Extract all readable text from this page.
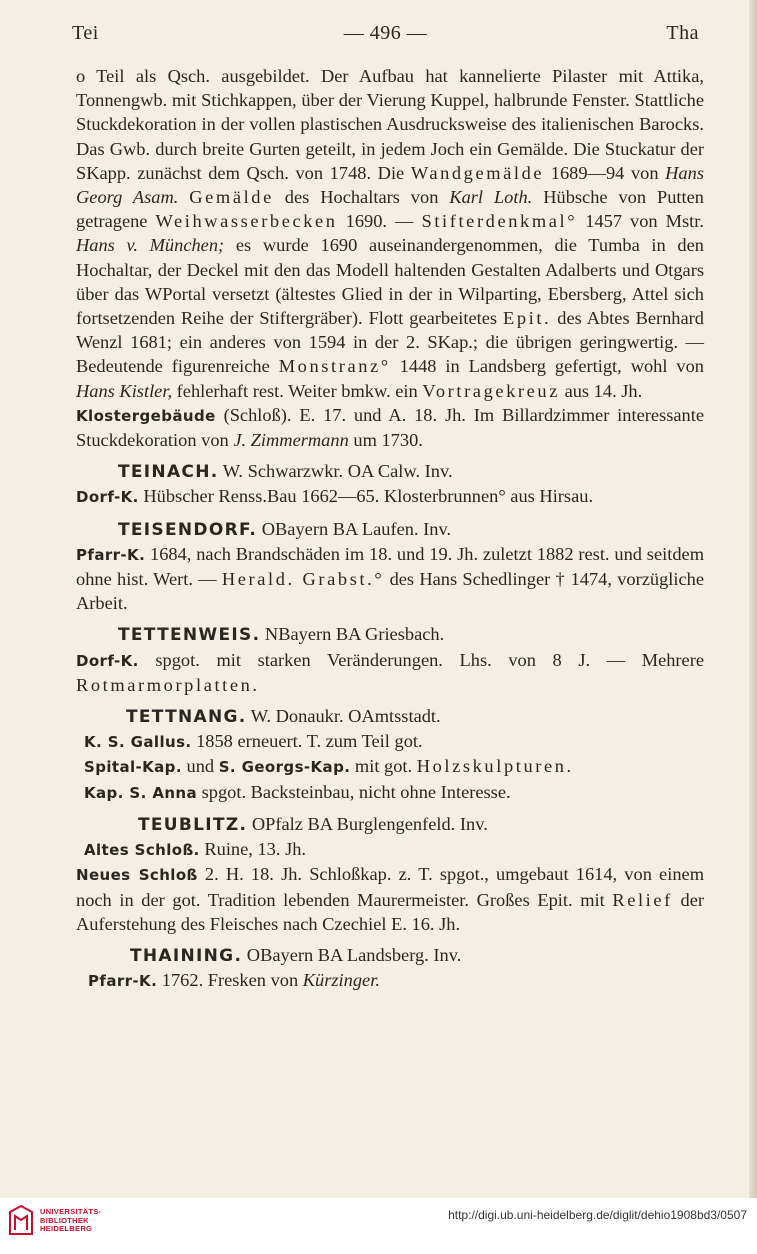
Tei	— 496 —	Tha

o Teil als Qsch. ausgebildet. Der Aufbau hat kannelierte Pilaster mit Attika, Tonnengwb. mit Stichkappen, über der Vierung Kuppel, halbrunde Fenster. Stattliche Stuckdekoration in der vollen plastischen Ausdrucksweise des italienischen Barocks. Das Gwb. durch breite Gurten geteilt, in jedem Joch ein Gemälde. Die Stuckatur der SKapp. zunächst dem Qsch. von 1748. Die Wandgemälde 1689—94 von Hans Georg Asam. Gemälde des Hochaltars von Karl Loth. Hübsche von Putten getragene Weihwasserbecken 1690. — Stifterdenkmal° 1457 von Mstr. Hans v. München; es wurde 1690 auseinandergenommen, die Tumba in den Hochaltar, der Deckel mit den das Modell haltenden Gestalten Adalberts und Otgars über das WPortal versetzt (ältestes Glied in der in Wilparting, Ebersberg, Attel sich fortsetzenden Reihe der Stiftergräber). Flott gearbeitetes Epit. des Abtes Bernhard Wenzl 1681; ein anderes von 1594 in der 2. SKap.; die übrigen geringwertig. — Bedeutende figurenreiche Monstranz° 1448 in Landsberg gefertigt, wohl von Hans Kistler, fehlerhaft rest. Weiter bmkw. ein Vortragekreuz aus 14. Jh.

Klostergebäude (Schloß). E. 17. und A. 18. Jh. Im Billardzimmer interessante Stuckdekoration von J. Zimmermann um 1730.

TEINACH. W. Schwarzwkr. OA Calw. Inv.

Dorf-K. Hübscher Renss.Bau 1662—65. Klosterbrunnen° aus Hirsau.

TEISENDORF. OBayern BA Laufen. Inv.

Pfarr-K. 1684, nach Brandschäden im 18. und 19. Jh. zuletzt 1882 rest. und seitdem ohne hist. Wert. — Herald. Grabst.° des Hans Schedlinger † 1474, vorzügliche Arbeit.

TETTENWEIS. NBayern BA Griesbach.

Dorf-K. spgot. mit starken Veränderungen. Lhs. von 8 J. — Mehrere Rotmarmorplatten.

TETTNANG. W. Donaukr. OAmtsstadt.

K. S. Gallus. 1858 erneuert. T. zum Teil got.

Spital-Kap. und S. Georgs-Kap. mit got. Holzskulpturen.

Kap. S. Anna spgot. Backsteinbau, nicht ohne Interesse.

TEUBLITZ. OPfalz BA Burglengenfeld. Inv.

Altes Schloß. Ruine, 13. Jh.

Neues Schloß 2. H. 18. Jh. Schloßkap. z. T. spgot., umgebaut 1614, von einem noch in der got. Tradition lebenden Maurermeister. Großes Epit. mit Relief der Auferstehung des Fleisches nach Czechiel E. 16. Jh.

THAINING. OBayern BA Landsberg. Inv.

Pfarr-K. 1762. Fresken von Kürzinger.

UNIVERSITÄTS-
BIBLIOTHEK
HEIDELBERG
http://digi.ub.uni-heidelberg.de/diglit/dehio1908bd3/0507
